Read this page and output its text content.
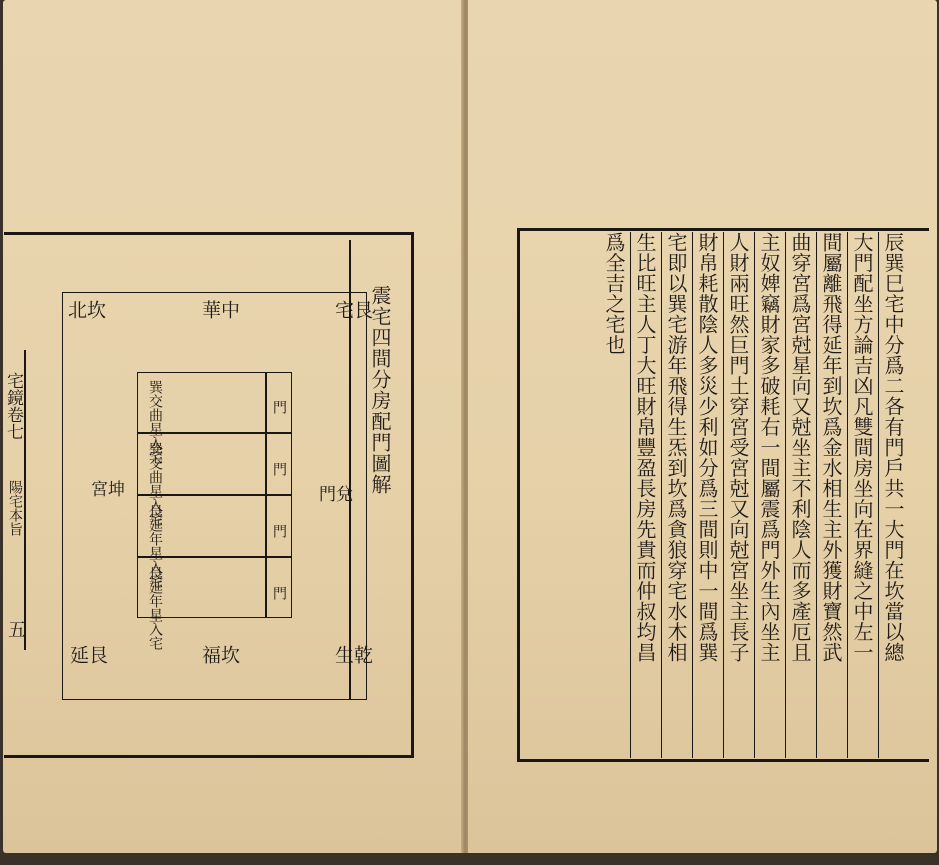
宅鏡卷七
陽宅本旨
五
震宅四間分房配門圖解
艮
宅
中
華
坎
北
兌
門
坤
宮
乾
生
坎
福
艮
延
巽交曲星入宅	門
巽交曲星入宅	門
艮延年星入宅	門
艮延年星入宅	門	辰巽巳宅中分爲二各有門戶共一大門在坎當以總
大門配坐方論吉凶凡雙間房坐向在界縫之中左一
間屬離飛得延年到坎爲金水相生主外獲財寶然武
曲穿宮爲宮尅星向又尅坐主不利陰人而多產厄且
主奴婢竊財家多破耗右一間屬震爲門外生內坐主
人財兩旺然巨門土穿宮受宮尅又向尅宮坐主長子
財帛耗散陰人多災少利如分爲三間則中一間爲巽
宅即以巽宅游年飛得生炁到坎爲貪狼穿宅水木相
生比旺主人丁大旺財帛豐盈長房先貴而仲叔均昌
爲全吉之宅也
